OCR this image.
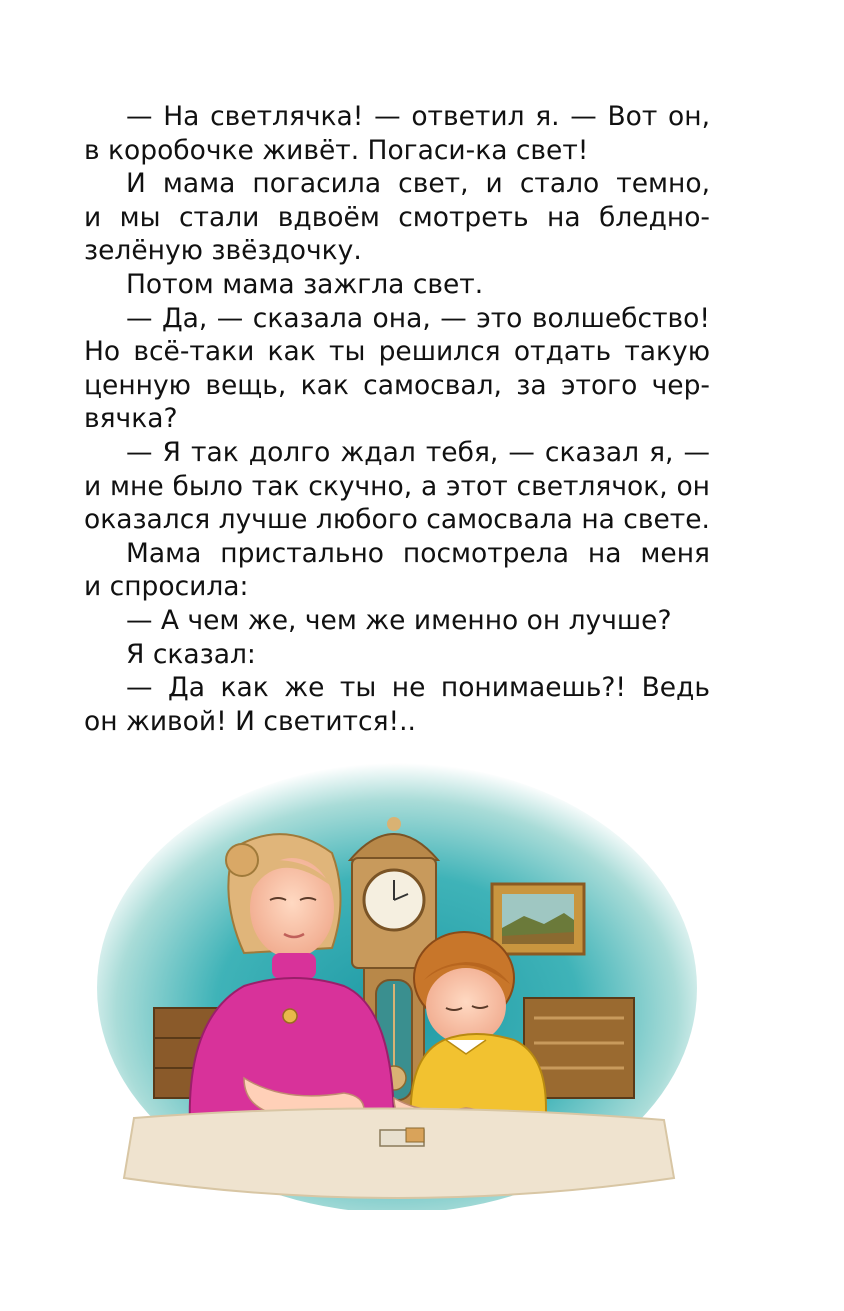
— На светлячка! — ответил я. — Вот он,
в коробочке живёт. Погаси-ка свет!
И мама погасила свет, и стало темно,
и мы стали вдвоём смотреть на бледно-
зелёную звёздочку.
Потом мама зажгла свет.
— Да, — сказала она, — это волшебство!
Но всё-таки как ты решился отдать такую
ценную вещь, как самосвал, за этого чер-
вячка?
— Я так долго ждал тебя, — сказал я, —
и мне было так скучно, а этот светлячок, он
оказался лучше любого самосвала на свете.
Мама пристально посмотрела на меня
и спросила:
— А чем же, чем же именно он лучше?
Я сказал:
— Да как же ты не понимаешь?! Ведь
он живой! И светится!..
